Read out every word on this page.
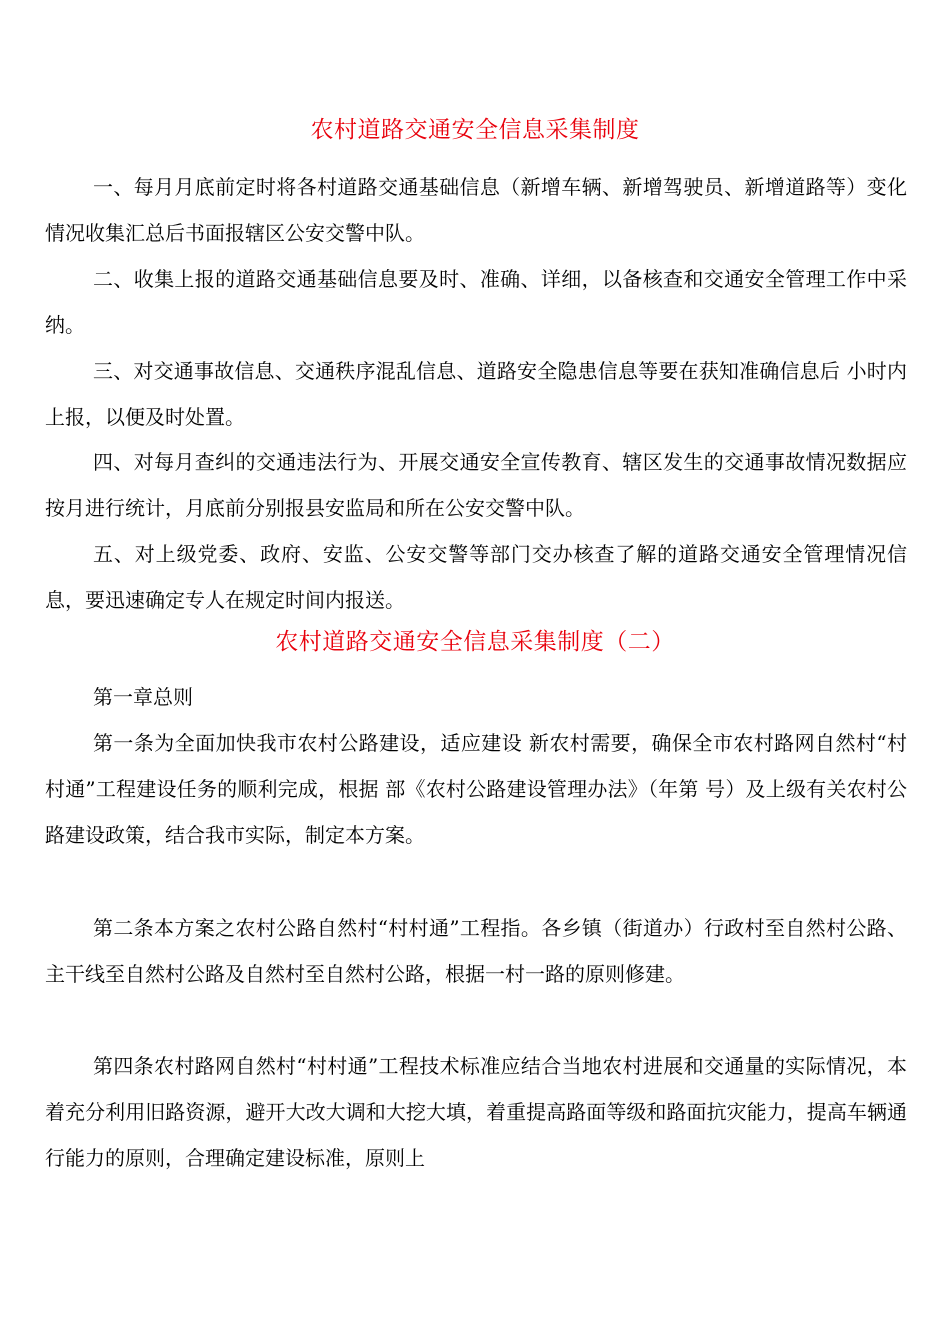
农村道路交通安全信息采集制度

一、每月月底前定时将各村道路交通基础信息（新增车辆、新增驾驶员、新增道路等）变化情况收集汇总后书面报辖区公安交警中队。

二、收集上报的道路交通基础信息要及时、准确、详细，以备核查和交通安全管理工作中采纳。

三、对交通事故信息、交通秩序混乱信息、道路安全隐患信息等要在获知准确信息后 小时内上报，以便及时处置。

四、对每月查纠的交通违法行为、开展交通安全宣传教育、辖区发生的交通事故情况数据应按月进行统计，月底前分别报县安监局和所在公安交警中队。

五、对上级党委、政府、安监、公安交警等部门交办核查了解的道路交通安全管理情况信息，要迅速确定专人在规定时间内报送。

农村道路交通安全信息采集制度（二）
第一章总则

第一条为全面加快我市农村公路建设，适应建设 新农村需要，确保全市农村路网自然村“村村通”工程建设任务的顺利完成，根据 部《农村公路建设管理办法》（年第 号）及上级有关农村公路建设政策，结合我市实际，制定本方案。

第二条本方案之农村公路自然村“村村通”工程指。各乡镇（街道办）行政村至自然村公路、主干线至自然村公路及自然村至自然村公路，根据一村一路的原则修建。

第四条农村路网自然村“村村通”工程技术标准应结合当地农村进展和交通量的实际情况，本着充分利用旧路资源，避开大改大调和大挖大填，着重提高路面等级和路面抗灾能力，提高车辆通行能力的原则，合理确定建设标准，原则上
